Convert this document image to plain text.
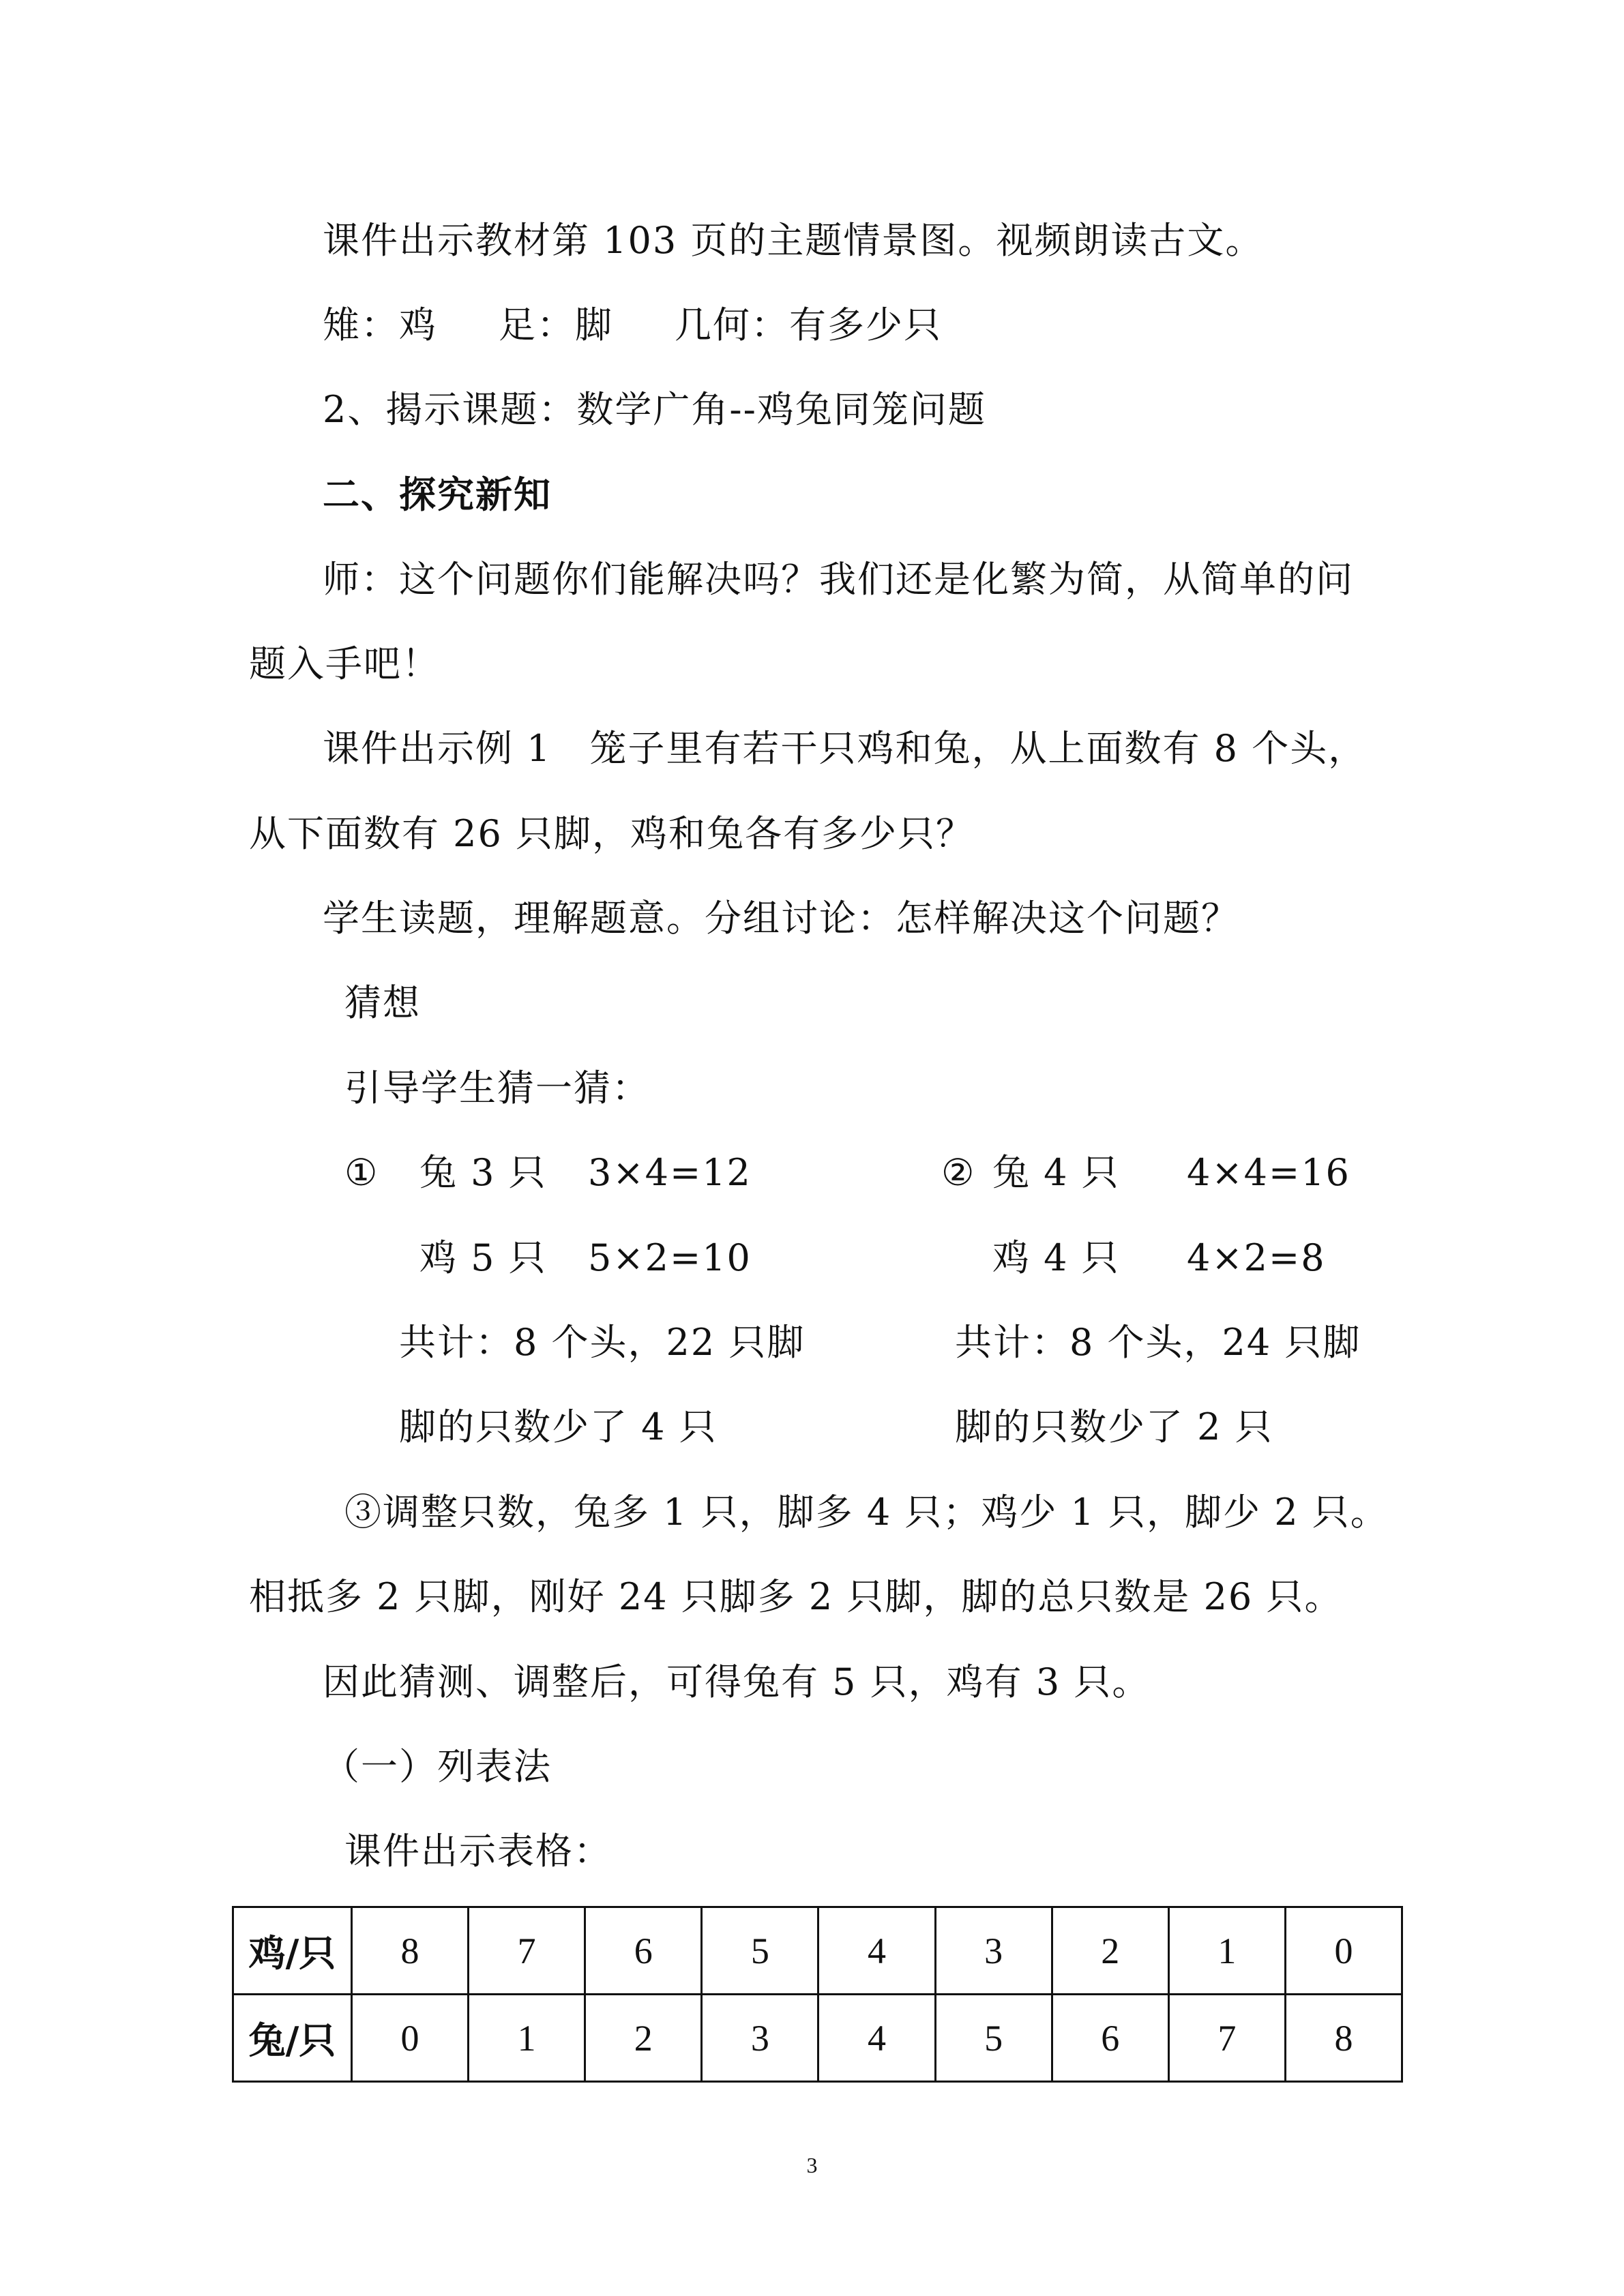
课件出示教材第 103 页的主题情景图。视频朗读古文。
雉：鸡 足：脚 几何：有多少只
2、揭示课题：数学广角--鸡兔同笼问题
二、探究新知
师：这个问题你们能解决吗？我们还是化繁为简，从简单的问
题入手吧！
课件出示例 1　笼子里有若干只鸡和兔，从上面数有 8 个头，
从下面数有 26 只脚，鸡和兔各有多少只？
学生读题，理解题意。分组讨论：怎样解决这个问题？
猜想
引导学生猜一猜：
① 兔 3 只 3×4=12
鸡 5 只 5×2=10
共计：8 个头，22 只脚
脚的只数少了 4 只
② 兔 4 只 4×4=16
鸡 4 只 4×2=8
共计：8 个头，24 只脚
脚的只数少了 2 只
③调整只数，兔多 1 只，脚多 4 只；鸡少 1 只，脚少 2 只。
相抵多 2 只脚，刚好 24 只脚多 2 只脚，脚的总只数是 26 只。
因此猜测、调整后，可得兔有 5 只，鸡有 3 只。
（一）列表法
课件出示表格：
鸡/只	8	7	6	5	4	3	2	1	0
兔/只	0	1	2	3	4	5	6	7	8
3
